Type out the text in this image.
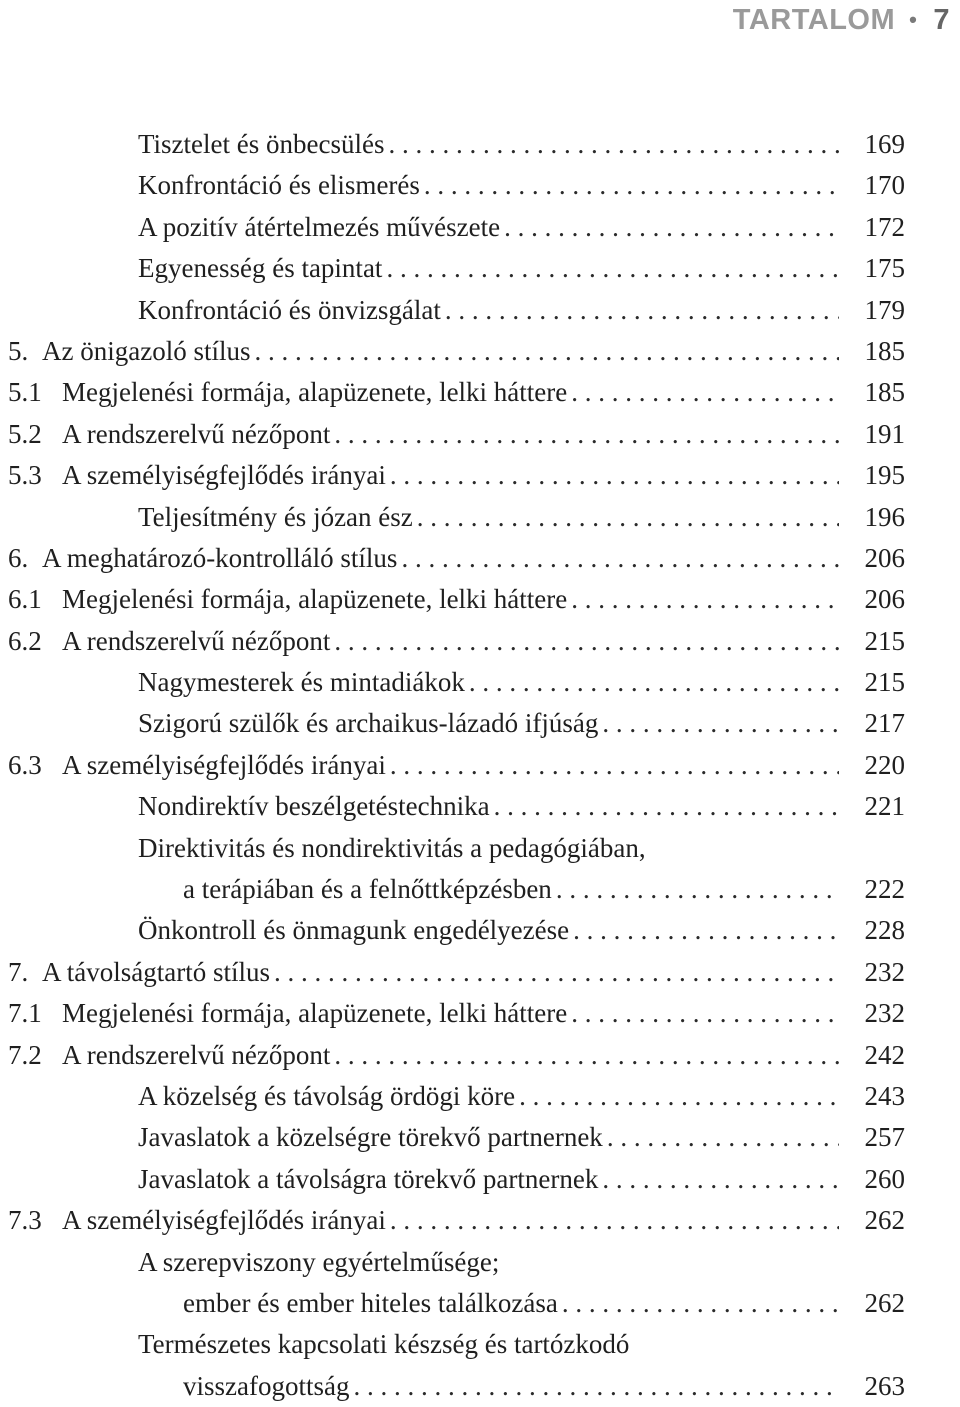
TARTALOM • 7
Tisztelet és önbecsülés . . .	169
Konfrontáció és elismerés . . .	170
A pozitív átértelmezés művészete . . .	172
Egyenesség és tapintat . . .	175
Konfrontáció és önvizsgálat . . .	179
5. Az önigazoló stílus . . .	185
5.1 Megjelenési formája, alapüzenete, lelki háttere . . .	185
5.2 A rendszerelvű nézőpont . . .	191
5.3 A személyiségfejlődés irányai . . .	195
Teljesítmény és józan ész . . .	196
6. A meghatározó-kontrolláló stílus . . .	206
6.1 Megjelenési formája, alapüzenete, lelki háttere . . .	206
6.2 A rendszerelvű nézőpont . . .	215
Nagymesterek és mintadiákok . . .	215
Szigorú szülők és archaikus-lázadó ifjúság . . .	217
6.3 A személyiségfejlődés irányai . . .	220
Nondirektív beszélgetéstechnika . . .	221
Direktivitás és nondirektivitás a pedagógiában,
a terápiában és a felnőttképzésben . . .	222
Önkontroll és önmagunk engedélyezése . . .	228
7. A távolságtartó stílus . . .	232
7.1 Megjelenési formája, alapüzenete, lelki háttere . . .	232
7.2 A rendszerelvű nézőpont . . .	242
A közelség és távolság ördögi köre . . .	243
Javaslatok a közelségre törekvő partnernek . . .	257
Javaslatok a távolságra törekvő partnernek . . .	260
7.3 A személyiségfejlődés irányai . . .	262
A szerepviszony egyértelműsége;
ember és ember hiteles találkozása . . .	262
Természetes kapcsolati készség és tartózkodó
visszafogottság . . .	263
